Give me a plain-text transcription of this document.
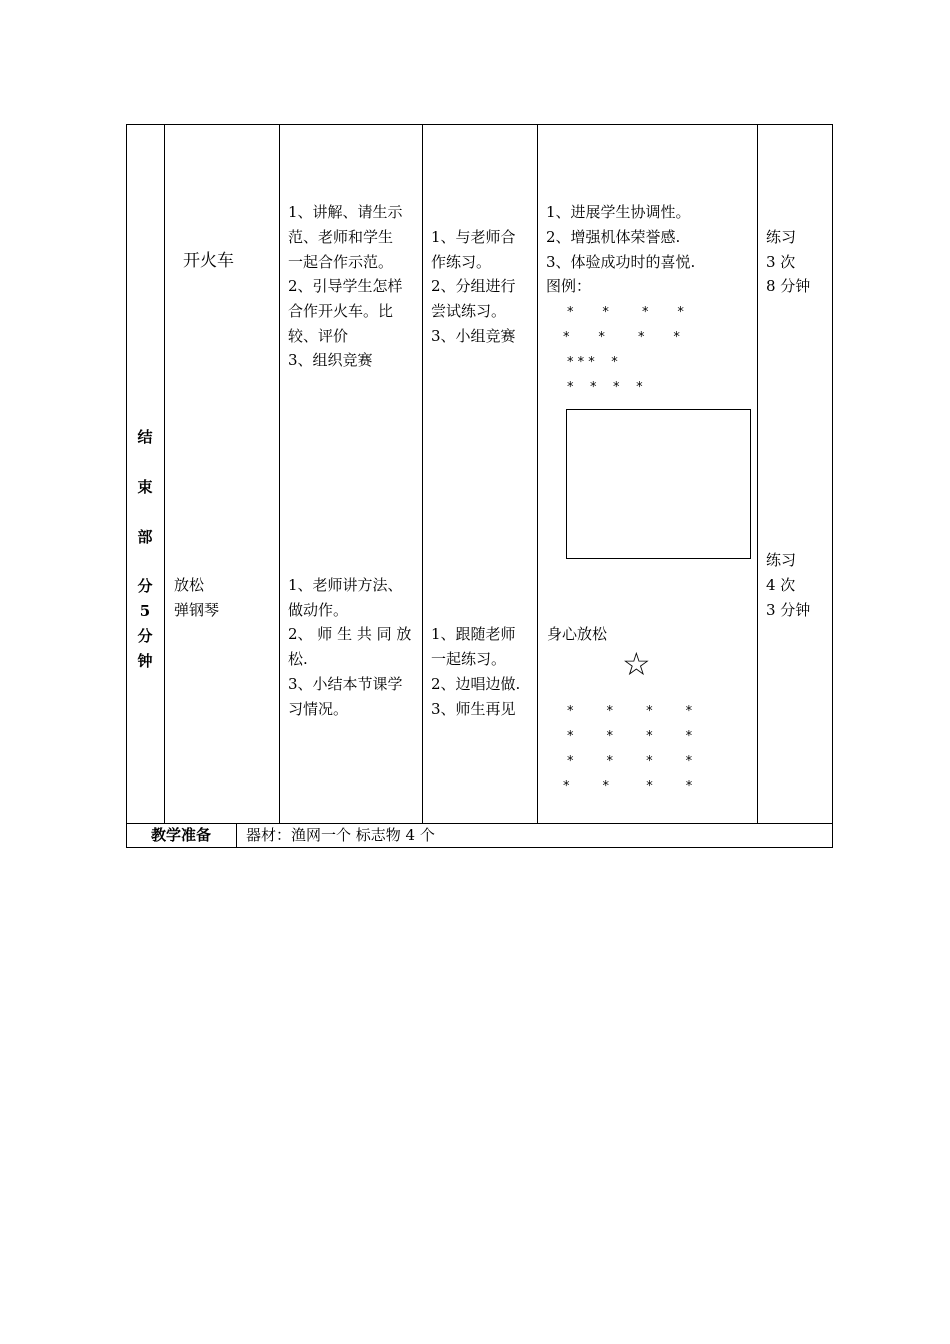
结
束
部
分
5
分
钟
开火车
1、讲解、请生示
范、老师和学生
一起合作示范。
2、引导学生怎样
合作开火车。比
较、评价
3、组织竞赛
1、与老师合
作练习。
2、分组进行
尝试练习。
3、小组竞赛
1、进展学生协调性。
2、增强机体荣誉感.
3、体验成功时的喜悦.
图例：
*       *        *       *
*       *        *       *
* * *    *
*    *    *    *
练习
3 次
8 分钟
放松
弹钢琴
1、老师讲方法、
做动作。
2、 师 生 共 同 放
松.
3、小结本节课学
习情况。
1、跟随老师
一起练习。
2、边唱边做.
3、师生再见
身心放松
☆
*        *        *        *
*        *        *        *
*        *        *        *
*        *         *        *
练习
4 次
3 分钟
教学准备	器材：渔网一个 标志物 4 个
